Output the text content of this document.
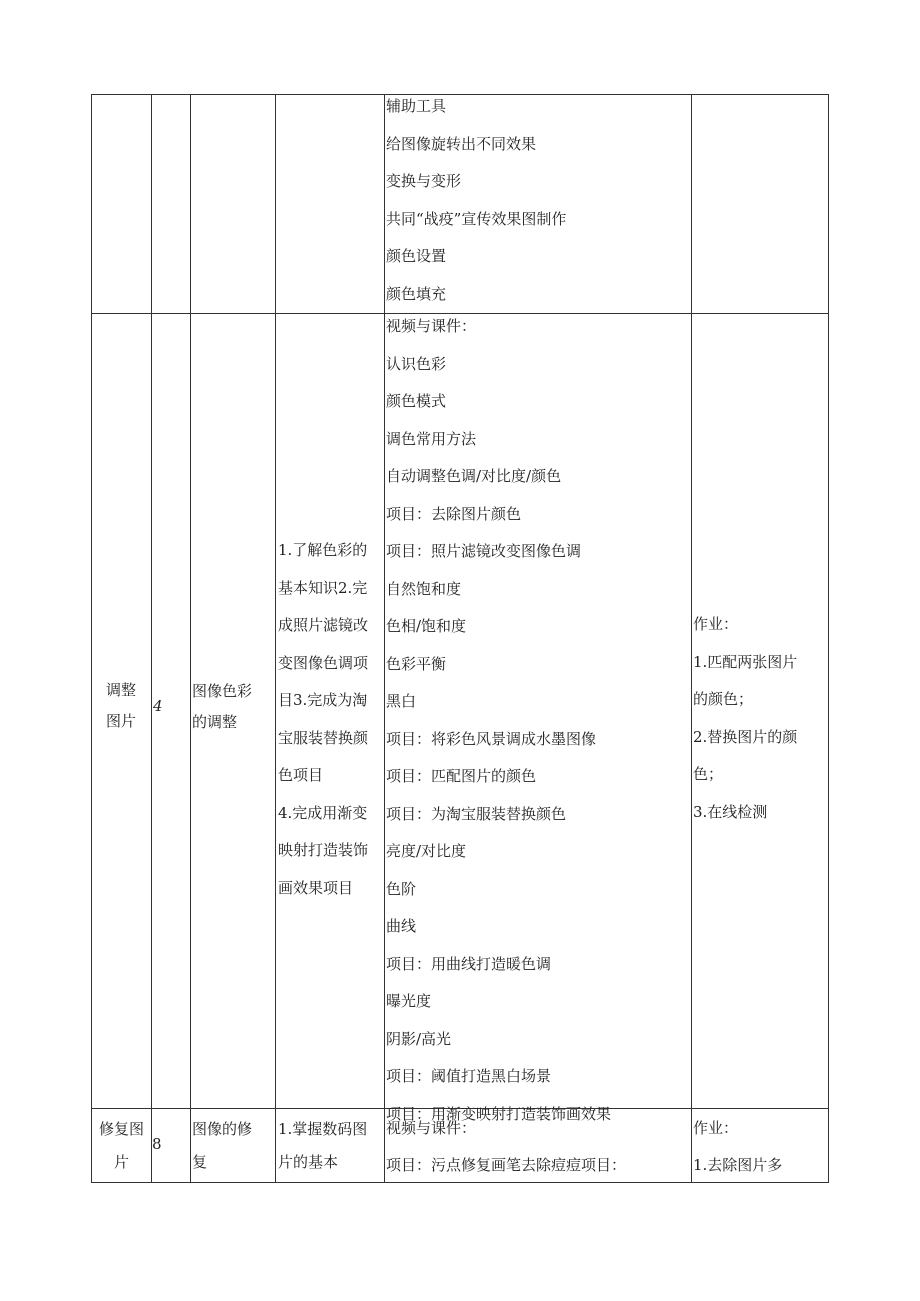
辅助工具
给图像旋转出不同效果
变换与变形
共同“战疫”宣传效果图制作
颜色设置
颜色填充
调整
图片
4
图像色彩
的调整
1.了解色彩的
基本知识2.完
成照片滤镜改
变图像色调项
目3.完成为淘
宝服装替换颜
色项目
4.完成用渐变
映射打造装饰
画效果项目
视频与课件：
认识色彩
颜色模式
调色常用方法
自动调整色调/对比度/颜色
项目：去除图片颜色
项目：照片滤镜改变图像色调
自然饱和度
色相/饱和度
色彩平衡
黑白
项目：将彩色风景调成水墨图像
项目：匹配图片的颜色
项目：为淘宝服装替换颜色
亮度/对比度
色阶
曲线
项目：用曲线打造暖色调
曝光度
阴影/高光
项目：阈值打造黑白场景
项目：用渐变映射打造装饰画效果
作业：
1.匹配两张图片
的颜色；
2.替换图片的颜
色；
3.在线检测
修复图
片
8
图像的修
复
1.掌握数码图
片的基本
视频与课件：
项目：污点修复画笔去除痘痘项目：
作业：
1.去除图片多
